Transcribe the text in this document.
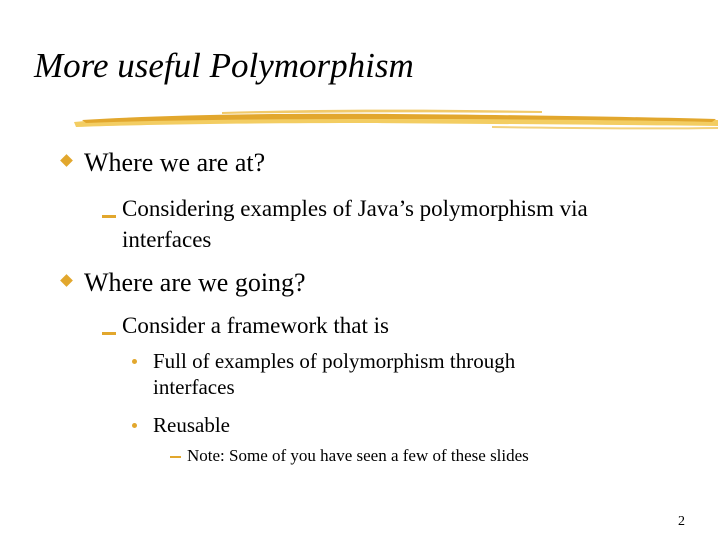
More useful Polymorphism
Where we are at?
Considering examples of Java’s polymorphism via interfaces
Where are we going?
Consider a framework that is
Full of examples of polymorphism through interfaces
Reusable
Note: Some of you have seen a few of these slides
2
